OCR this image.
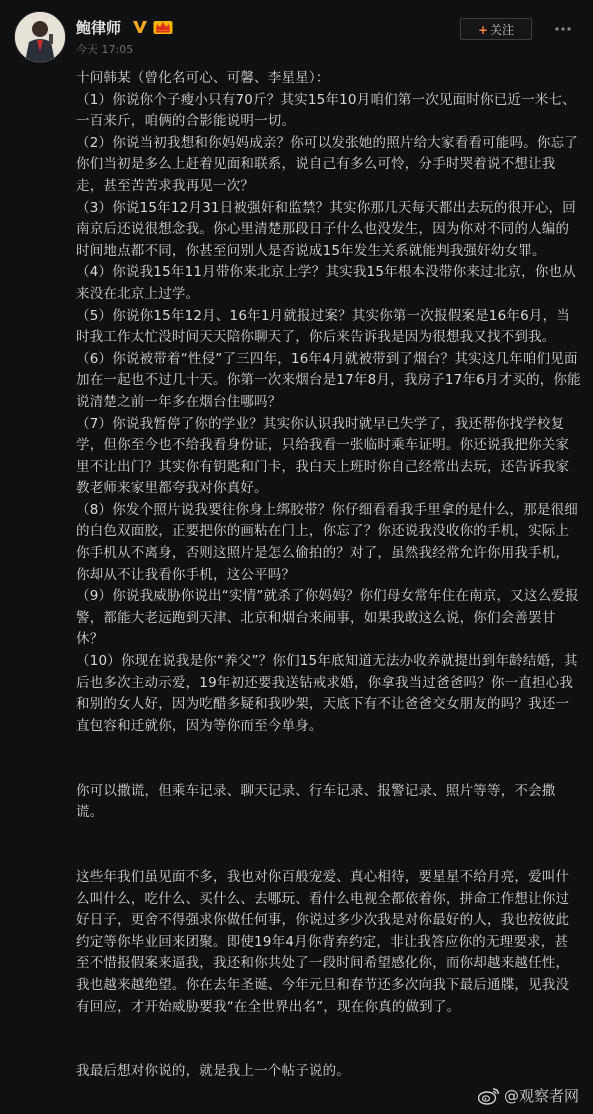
鲍律师
今天 17:05
+ 关注

十问韩某（曾化名可心、可馨、李星星）：

（1）你说你个子瘦小只有70斤？其实15年10月咱们第一次见面时你已近一米七、一百来斤，咱俩的合影能说明一切。

（2）你说当初我想和你妈妈成亲？你可以发张她的照片给大家看看可能吗。你忘了你们当初是多么上赶着见面和联系，说自己有多么可怜，分手时哭着说不想让我走，甚至苦苦求我再见一次？

（3）你说15年12月31日被强奸和监禁？其实你那几天每天都出去玩的很开心，回南京后还说很想念我。你心里清楚那段日子什么也没发生，因为你对不同的人编的时间地点都不同，你甚至问别人是否说成15年发生关系就能判我强奸幼女罪。

（4）你说我15年11月带你来北京上学？其实我15年根本没带你来过北京，你也从来没在北京上过学。

（5）你说你15年12月、16年1月就报过案？其实你第一次报假案是16年6月，当时我工作太忙没时间天天陪你聊天了，你后来告诉我是因为很想我又找不到我。

（6）你说被带着“性侵”了三四年，16年4月就被带到了烟台？其实这几年咱们见面加在一起也不过几十天。你第一次来烟台是17年8月，我房子17年6月才买的，你能说清楚之前一年多在烟台住哪吗？

（7）你说我暂停了你的学业？其实你认识我时就早已失学了，我还帮你找学校复学，但你至今也不给我看身份证，只给我看一张临时乘车证明。你还说我把你关家里不让出门？其实你有钥匙和门卡，我白天上班时你自己经常出去玩，还告诉我家教老师来家里都夸我对你真好。

（8）你发个照片说我要往你身上绑胶带？你仔细看看我手里拿的是什么，那是很细的白色双面胶，正要把你的画粘在门上，你忘了？你还说我没收你的手机，实际上你手机从不离身，否则这照片是怎么偷拍的？对了，虽然我经常允许你用我手机，你却从不让我看你手机，这公平吗？

（9）你说我威胁你说出“实情”就杀了你妈妈？你们母女常年住在南京，又这么爱报警，都能大老远跑到天津、北京和烟台来闹事，如果我敢这么说，你们会善罢甘休？

（10）你现在说我是你“养父”？你们15年底知道无法办收养就提出到年龄结婚，其后也多次主动示爱，19年初还要我送钻戒求婚，你拿我当过爸爸吗？你一直担心我和别的女人好，因为吃醋多疑和我吵架，天底下有不让爸爸交女朋友的吗？我还一直包容和迁就你，因为等你而至今单身。

你可以撒谎，但乘车记录、聊天记录、行车记录、报警记录、照片等等，不会撒谎。

这些年我们虽见面不多，我也对你百般宠爱、真心相待，要星星不给月亮，爱叫什么叫什么，吃什么、买什么、去哪玩、看什么电视全都依着你，拼命工作想让你过好日子，更舍不得强求你做任何事，你说过多少次我是对你最好的人，我也按彼此约定等你毕业回来团聚。即使19年4月你背弃约定，非让我答应你的无理要求，甚至不惜报假案来逼我，我还和你共处了一段时间希望感化你，而你却越来越任性，我也越来越绝望。你在去年圣诞、今年元旦和春节还多次向我下最后通牒，见我没有回应，才开始威胁要我“在全世界出名”，现在你真的做到了。

我最后想对你说的，就是我上一个帖子说的。

@观察者网
